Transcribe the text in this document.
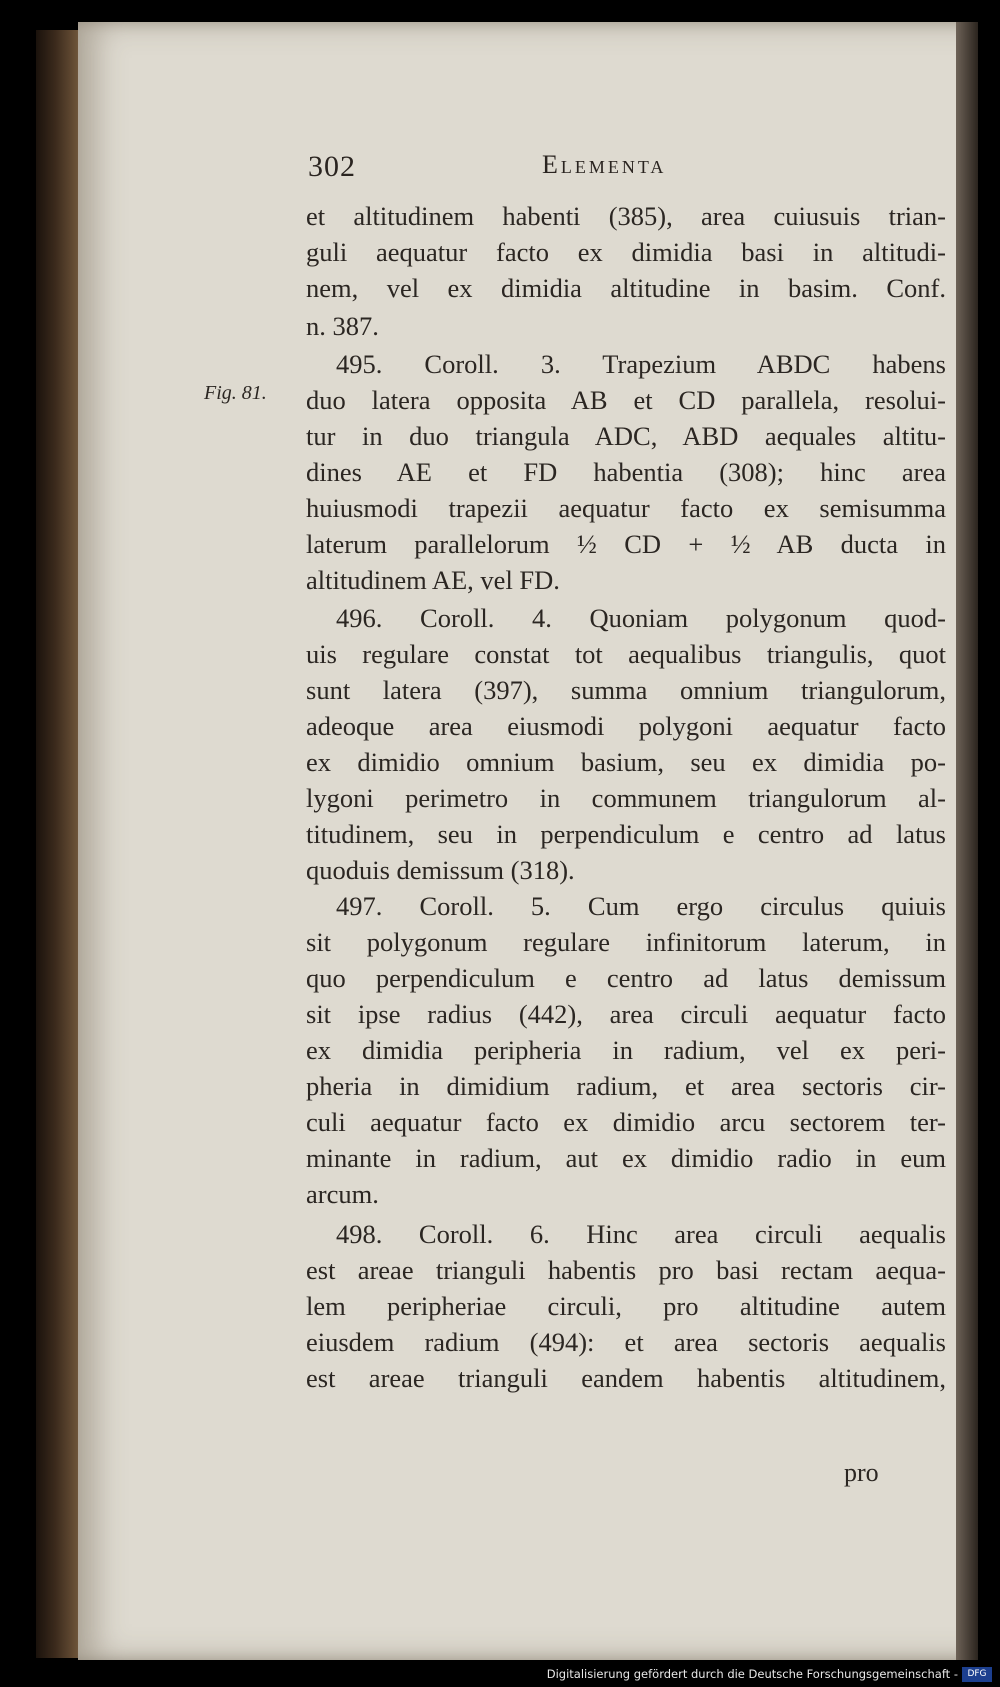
302	Elementa
Fig. 81.
et altitudinem habenti (385), area cuiusuis trian-
guli aequatur facto ex dimidia basi in altitudi-
nem, vel ex dimidia altitudine in basim. Conf.
n. 387.
495. Coroll. 3. Trapezium ABDC habens
duo latera opposita AB et CD parallela, resolui-
tur in duo triangula ADC, ABD aequales altitu-
dines AE et FD habentia (308); hinc area
huiusmodi trapezii aequatur facto ex semisumma
laterum parallelorum ½ CD + ½ AB ducta in
altitudinem AE, vel FD.
496. Coroll. 4. Quoniam polygonum quod-
uis regulare constat tot aequalibus triangulis, quot
sunt latera (397), summa omnium triangulorum,
adeoque area eiusmodi polygoni aequatur facto
ex dimidio omnium basium, seu ex dimidia po-
lygoni perimetro in communem triangulorum al-
titudinem, seu in perpendiculum e centro ad latus
quoduis demissum (318).
497. Coroll. 5. Cum ergo circulus quiuis
sit polygonum regulare infinitorum laterum, in
quo perpendiculum e centro ad latus demissum
sit ipse radius (442), area circuli aequatur facto
ex dimidia peripheria in radium, vel ex peri-
pheria in dimidium radium, et area sectoris cir-
culi aequatur facto ex dimidio arcu sectorem ter-
minante in radium, aut ex dimidio radio in eum
arcum.
498. Coroll. 6. Hinc area circuli aequalis
est areae trianguli habentis pro basi rectam aequa-
lem peripheriae circuli, pro altitudine autem
eiusdem radium (494): et area sectoris aequalis
est areae trianguli eandem habentis altitudinem,
pro
Digitalisierung gefördert durch die Deutsche Forschungsgemeinschaft -	DFG
